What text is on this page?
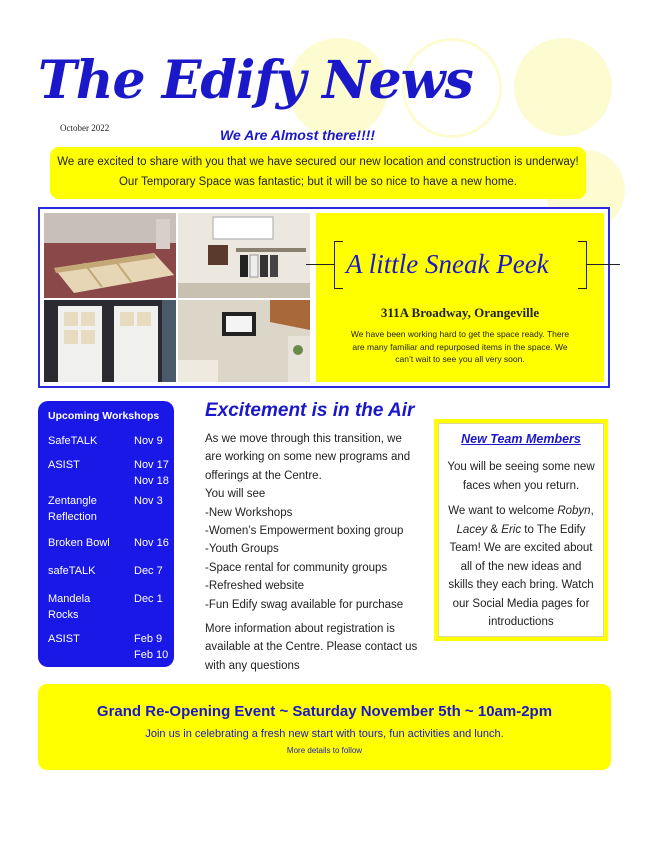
The Edify News
October 2022	We Are Almost there!!!!
We are excited to share with you that we have secured our new location and construction is underway!
Our Temporary Space was fantastic; but it will be so nice to have a new home.
A little Sneak Peek
311A Broadway, Orangeville
We have been working hard to get the space ready. There are many familiar and repurposed items in the space. We can’t wait to see you all very soon.
Upcoming Workshops
SafeTALK	Nov 9
ASIST	Nov 17
Nov 18
Zentangle Reflection
Nov 3
Broken Bowl	Nov 16
safeTALK	Dec 7
Mandela Rocks
Dec 1
ASIST	Feb 9
Feb 10
Excitement is in the Air

As we move through this transition, we are working on some new programs and offerings at the Centre.

You will see

-New Workshops

-Women’s Empowerment boxing group

-Youth Groups

-Space rental for community groups

-Refreshed website

-Fun Edify swag available for purchase

More information about registration is available at the Centre. Please contact us with any questions

New Team Members
You will be seeing some new faces when you return.
We want to welcome Robyn, Lacey & Eric to The Edify Team! We are excited about all of the new ideas and skills they each bring. Watch our Social Media pages for introductions
Grand Re-Opening Event ~ Saturday November 5th ~ 10am-2pm
Join us in celebrating a fresh new start with tours, fun activities and lunch.
More details to follow
